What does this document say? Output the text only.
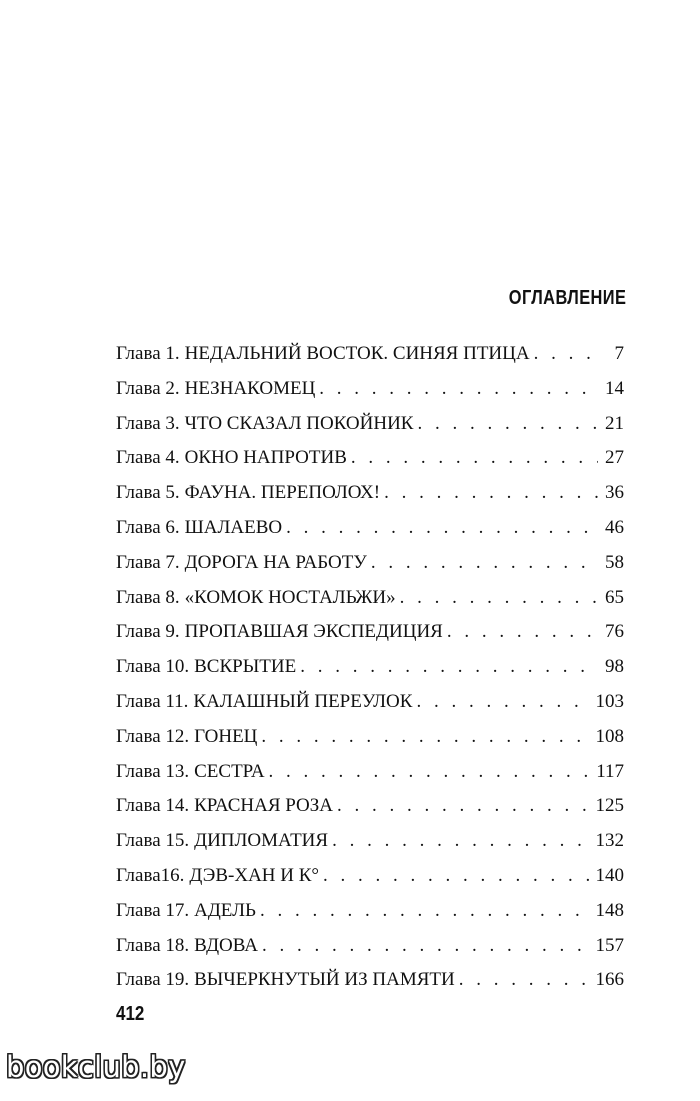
ОГЛАВЛЕНИЕ
Глава 1. НЕДАЛЬНИЙ ВОСТОК. СИНЯЯ ПТИЦА . . .	7
Глава 2. НЕЗНАКОМЕЦ . . .	14
Глава 3. ЧТО СКАЗАЛ ПОКОЙНИК . . .	21
Глава 4. ОКНО НАПРОТИВ . . .	27
Глава 5. ФАУНА. ПЕРЕПОЛОХ! . . .	36
Глава 6. ШАЛАЕВО . . .	46
Глава 7. ДОРОГА НА РАБОТУ . . .	58
Глава 8. «КОМОК НОСТАЛЬЖИ» . . .	65
Глава 9. ПРОПАВШАЯ ЭКСПЕДИЦИЯ . . .	76
Глава 10. ВСКРЫТИЕ . . .	98
Глава 11. КАЛАШНЫЙ ПЕРЕУЛОК . . .	103
Глава 12. ГОНЕЦ . . .	108
Глава 13. СЕСТРА . . .	117
Глава 14. КРАСНАЯ РОЗА . . .	125
Глава 15. ДИПЛОМАТИЯ . . .	132
Глава16. ДЭВ-ХАН И К° . . .	140
Глава 17. АДЕЛЬ . . .	148
Глава 18. ВДОВА . . .	157
Глава 19. ВЫЧЕРКНУТЫЙ ИЗ ПАМЯТИ . . .	166
412
bookclub.by
